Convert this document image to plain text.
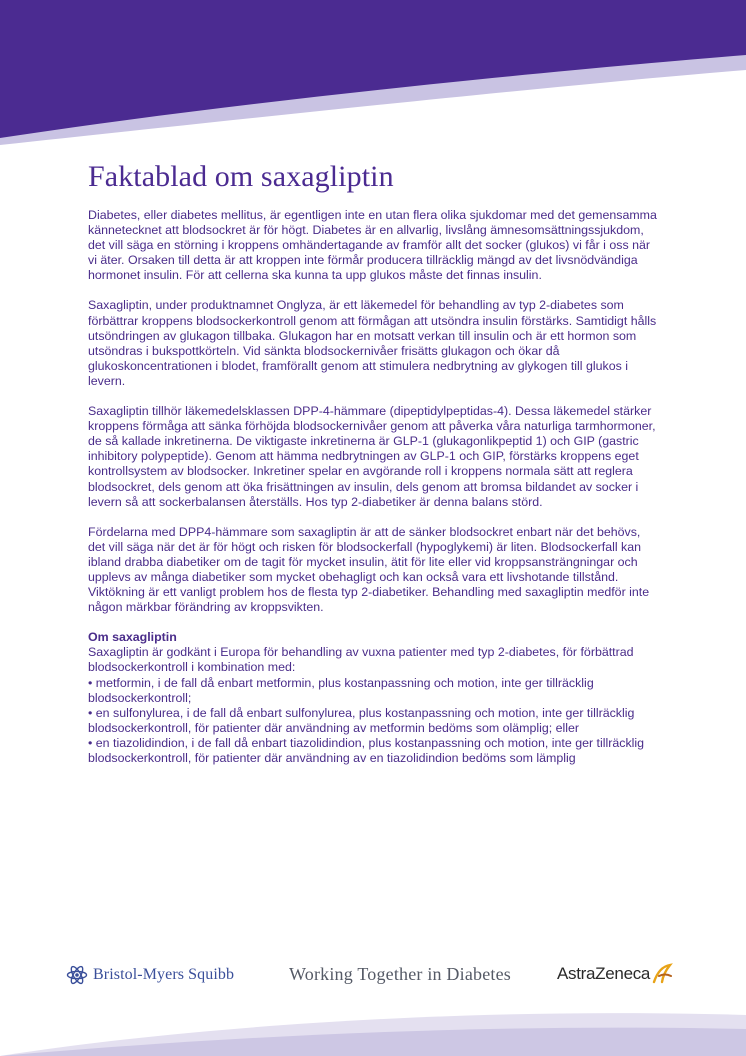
Faktablad om saxagliptin

Diabetes, eller diabetes mellitus, är egentligen inte en utan flera olika sjukdomar med det gemensamma kännetecknet att blodsockret är för högt. Diabetes är en allvarlig, livslång ämnesomsättningssjukdom, det vill säga en störning i kroppens omhändertagande av framför allt det socker (glukos) vi får i oss när vi äter. Orsaken till detta är att kroppen inte förmår producera tillräcklig mängd av det livsnödvändiga hormonet insulin. För att cellerna ska kunna ta upp glukos måste det finnas insulin.

Saxagliptin, under produktnamnet Onglyza, är ett läkemedel för behandling av typ 2-diabetes som förbättrar kroppens blodsockerkontroll genom att förmågan att utsöndra insulin förstärks. Samtidigt hålls utsöndringen av glukagon tillbaka. Glukagon har en motsatt verkan till insulin och är ett hormon som utsöndras i bukspottkörteln. Vid sänkta blodsockernivåer frisätts glukagon och ökar då glukoskoncentrationen i blodet, framförallt genom att stimulera nedbrytning av glykogen till glukos i levern.

Saxagliptin tillhör läkemedelsklassen DPP-4-hämmare (dipeptidylpeptidas-4). Dessa läkemedel stärker kroppens förmåga att sänka förhöjda blodsockernivåer genom att påverka våra naturliga tarmhormoner, de så kallade inkretinerna. De viktigaste inkretinerna är GLP-1 (glukagonlikpeptid 1) och GIP (gastric inhibitory polypeptide). Genom att hämma nedbrytningen av GLP-1 och GIP, förstärks kroppens eget kontrollsystem av blodsocker. Inkretiner spelar en avgörande roll i kroppens normala sätt att reglera blodsockret, dels genom att öka frisättningen av insulin, dels genom att bromsa bildandet av socker i levern så att sockerbalansen återställs. Hos typ 2-diabetiker är denna balans störd.

Fördelarna med DPP4-hämmare som saxagliptin är att de sänker blodsockret enbart när det behövs, det vill säga när det är för högt och risken för blodsockerfall (hypoglykemi) är liten. Blodsockerfall kan ibland drabba diabetiker om de tagit för mycket insulin, ätit för lite eller vid kroppsansträngningar och upplevs av många diabetiker som mycket obehagligt och kan också vara ett livshotande tillstånd. Viktökning är ett vanligt problem hos de flesta typ 2-diabetiker. Behandling med saxagliptin medför inte någon märkbar förändring av kroppsvikten.

Om saxagliptin
Saxagliptin är godkänt i Europa för behandling av vuxna patienter med typ 2-diabetes, för förbättrad blodsockerkontroll i kombination med:
• metformin, i de fall då enbart metformin, plus kostanpassning och motion, inte ger tillräcklig blodsockerkontroll;
• en sulfonylurea, i de fall då enbart sulfonylurea, plus kostanpassning och motion, inte ger tillräcklig blodsockerkontroll, för patienter där användning av metformin bedöms som olämplig; eller
• en tiazolidindion, i de fall då enbart tiazolidindion, plus kostanpassning och motion, inte ger tillräcklig blodsockerkontroll, för patienter där användning av en tiazolidindion bedöms som lämplig
Bristol-Myers Squibb	Working Together in Diabetes	AstraZeneca
